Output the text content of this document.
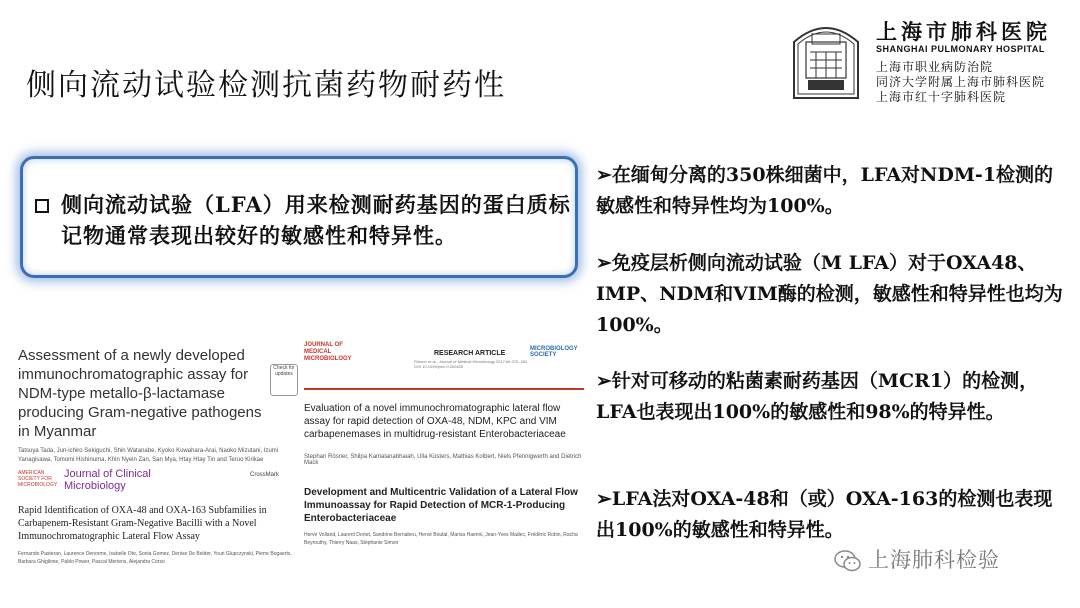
侧向流动试验检测抗菌药物耐药性
上海市肺科医院
SHANGHAI PULMONARY HOSPITAL
上海市职业病防治院
同济大学附属上海市肺科医院
上海市红十字肺科医院
侧向流动试验（LFA）用来检测耐药基因的蛋白质标记物通常表现出较好的敏感性和特异性。

➢在缅甸分离的350株细菌中，LFA对NDM-1检测的敏感性和特异性均为100%。

➢免疫层析侧向流动试验（M LFA）对于OXA48、IMP、NDM和VIM酶的检测，敏感性和特异性也均为100%。

➢针对可移动的粘菌素耐药基因（MCR1）的检测，LFA也表现出100%的敏感性和98%的特异性。

➢LFA法对OXA-48和（或）OXA-163的检测也表现出100%的敏感性和特异性。

Assessment of a newly developed immunochromatographic assay for NDM-type metallo-β-lactamase producing Gram-negative pathogens in Myanmar
Tatsuya Tada, Jun-ichiro Sekiguchi, Shin Watanabe, Kyoko Kuwahara-Arai, Naoko Mizutani, Izumi Yanagisawa, Tomomi Hishinuma, Khin Nyein Zan, San Mya, Htay Htay Tin and Teruo Kirikae
Check for updates
JOURNAL OF MEDICAL MICROBIOLOGY
RESEARCH ARTICLE
Rösner et al., Journal of Medical Microbiology 2017;66:379–381 DOI 10.1099/jmm.0.000425
MICROBIOLOGY SOCIETY
Evaluation of a novel immunochromatographic lateral flow assay for rapid detection of OXA-48, NDM, KPC and VIM carbapenemases in multidrug-resistant Enterobacteriaceae
Stephan Rösner, Shilpa Kamalanabhaiah, Ulla Küsters, Mathias Kolbert, Niels Pfennigwerth and Dietrich Mack
AMERICAN SOCIETY FOR MICROBIOLOGY
Journal of Clinical Microbiology
CrossMark
Rapid Identification of OXA-48 and OXA-163 Subfamilies in Carbapenem-Resistant Gram-Negative Bacilli with a Novel Immunochromatographic Lateral Flow Assay
Fernando Pasteran, Laurence Denorme, Isabelle Ote, Sonia Gomez, Denise De Belder, Youri Glupczynski, Pierre Bogaerts, Barbara Ghiglione, Pablo Power, Pascal Mertens, Alejandra Corso
Development and Multicentric Validation of a Lateral Flow Immunoassay for Rapid Detection of MCR-1-Producing Enterobacteriaceae
Hervé Volland, Laurent Dortet, Sandrine Bernabeu, Hervé Boutal, Marisa Haenni, Jean-Yves Madec, Frédéric Robin, Racha Beyrouthy, Thierry Naas, Stéphanie Simon
上海肺科检验
